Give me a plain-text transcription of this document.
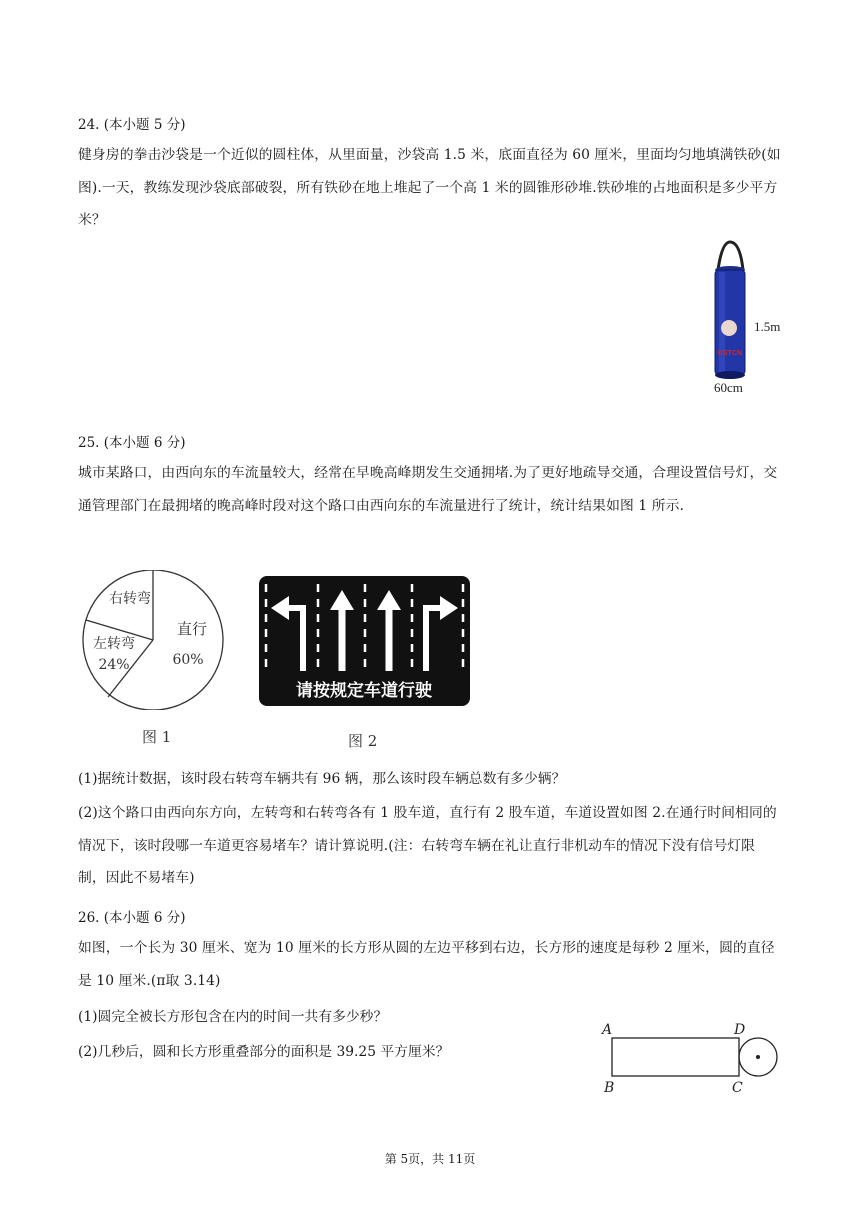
24. (本小题 5 分)
健身房的拳击沙袋是一个近似的圆柱体，从里面量，沙袋高 1.5 米，底面直径为 60 厘米，里面均匀地填满铁砂(如图).一天，教练发现沙袋底部破裂，所有铁砂在地上堆起了一个高 1 米的圆锥形砂堆.铁砂堆的占地面积是多少平方米？
KSTCN
1.5m
60cm
25. (本小题 6 分)
城市某路口，由西向东的车流量较大，经常在早晚高峰期发生交通拥堵.为了更好地疏导交通，合理设置信号灯，交通管理部门在最拥堵的晚高峰时段对这个路口由西向东的车流量进行了统计，统计结果如图 1 所示.
右转弯
左转弯
24%
直行
60%
图 1
请按规定车道行驶
图 2
(1)据统计数据，该时段右转弯车辆共有 96 辆，那么该时段车辆总数有多少辆？
(2)这个路口由西向东方向，左转弯和右转弯各有 1 股车道，直行有 2 股车道，车道设置如图 2.在通行时间相同的情况下，该时段哪一车道更容易堵车？请计算说明.(注：右转弯车辆在礼让直行非机动车的情况下没有信号灯限制，因此不易堵车)
26. (本小题 6 分)
如图，一个长为 30 厘米、宽为 10 厘米的长方形从圆的左边平移到右边，长方形的速度是每秒 2 厘米，圆的直径是 10 厘米.(π取 3.14)
(1)圆完全被长方形包含在内的时间一共有多少秒？
(2)几秒后，圆和长方形重叠部分的面积是 39.25 平方厘米？
A	D
B	C
第 5页，共 11页
